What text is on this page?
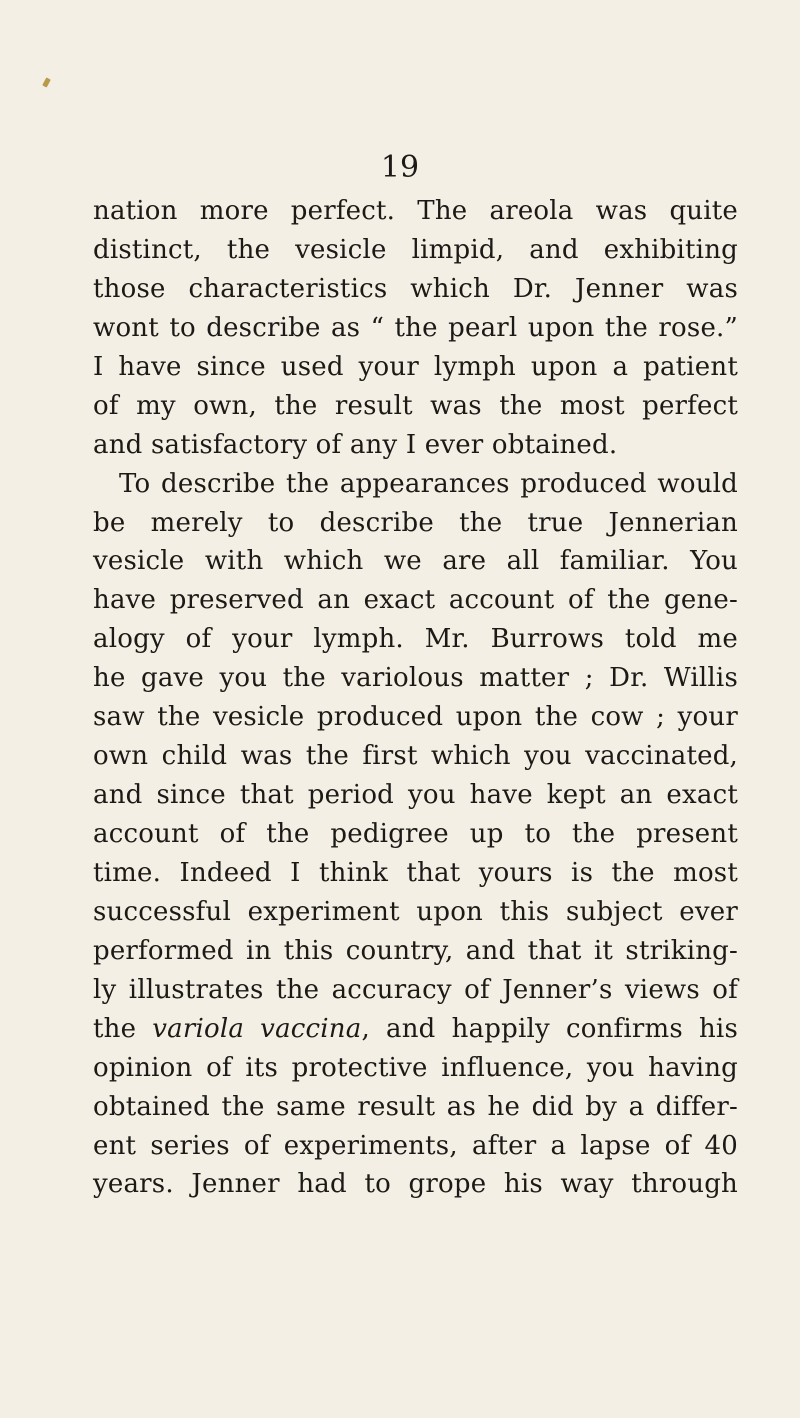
19
nation more perfect. The areola was quite
distinct, the vesicle limpid, and exhibiting
those characteristics which Dr. Jenner was
wont to describe as “ the pearl upon the rose.”
I have since used your lymph upon a patient
of my own, the result was the most perfect
and satisfactory of any I ever obtained.
To describe the appearances produced would
be merely to describe the true Jennerian
vesicle with which we are all familiar. You
have preserved an exact account of the gene-
alogy of your lymph. Mr. Burrows told me
he gave you the variolous matter ; Dr. Willis
saw the vesicle produced upon the cow ; your
own child was the first which you vaccinated,
and since that period you have kept an exact
account of the pedigree up to the present
time. Indeed I think that yours is the most
successful experiment upon this subject ever
performed in this country, and that it striking-
ly illustrates the accuracy of Jenner’s views of
the variola vaccina, and happily confirms his
opinion of its protective influence, you having
obtained the same result as he did by a differ-
ent series of experiments, after a lapse of 40
years. Jenner had to grope his way through
